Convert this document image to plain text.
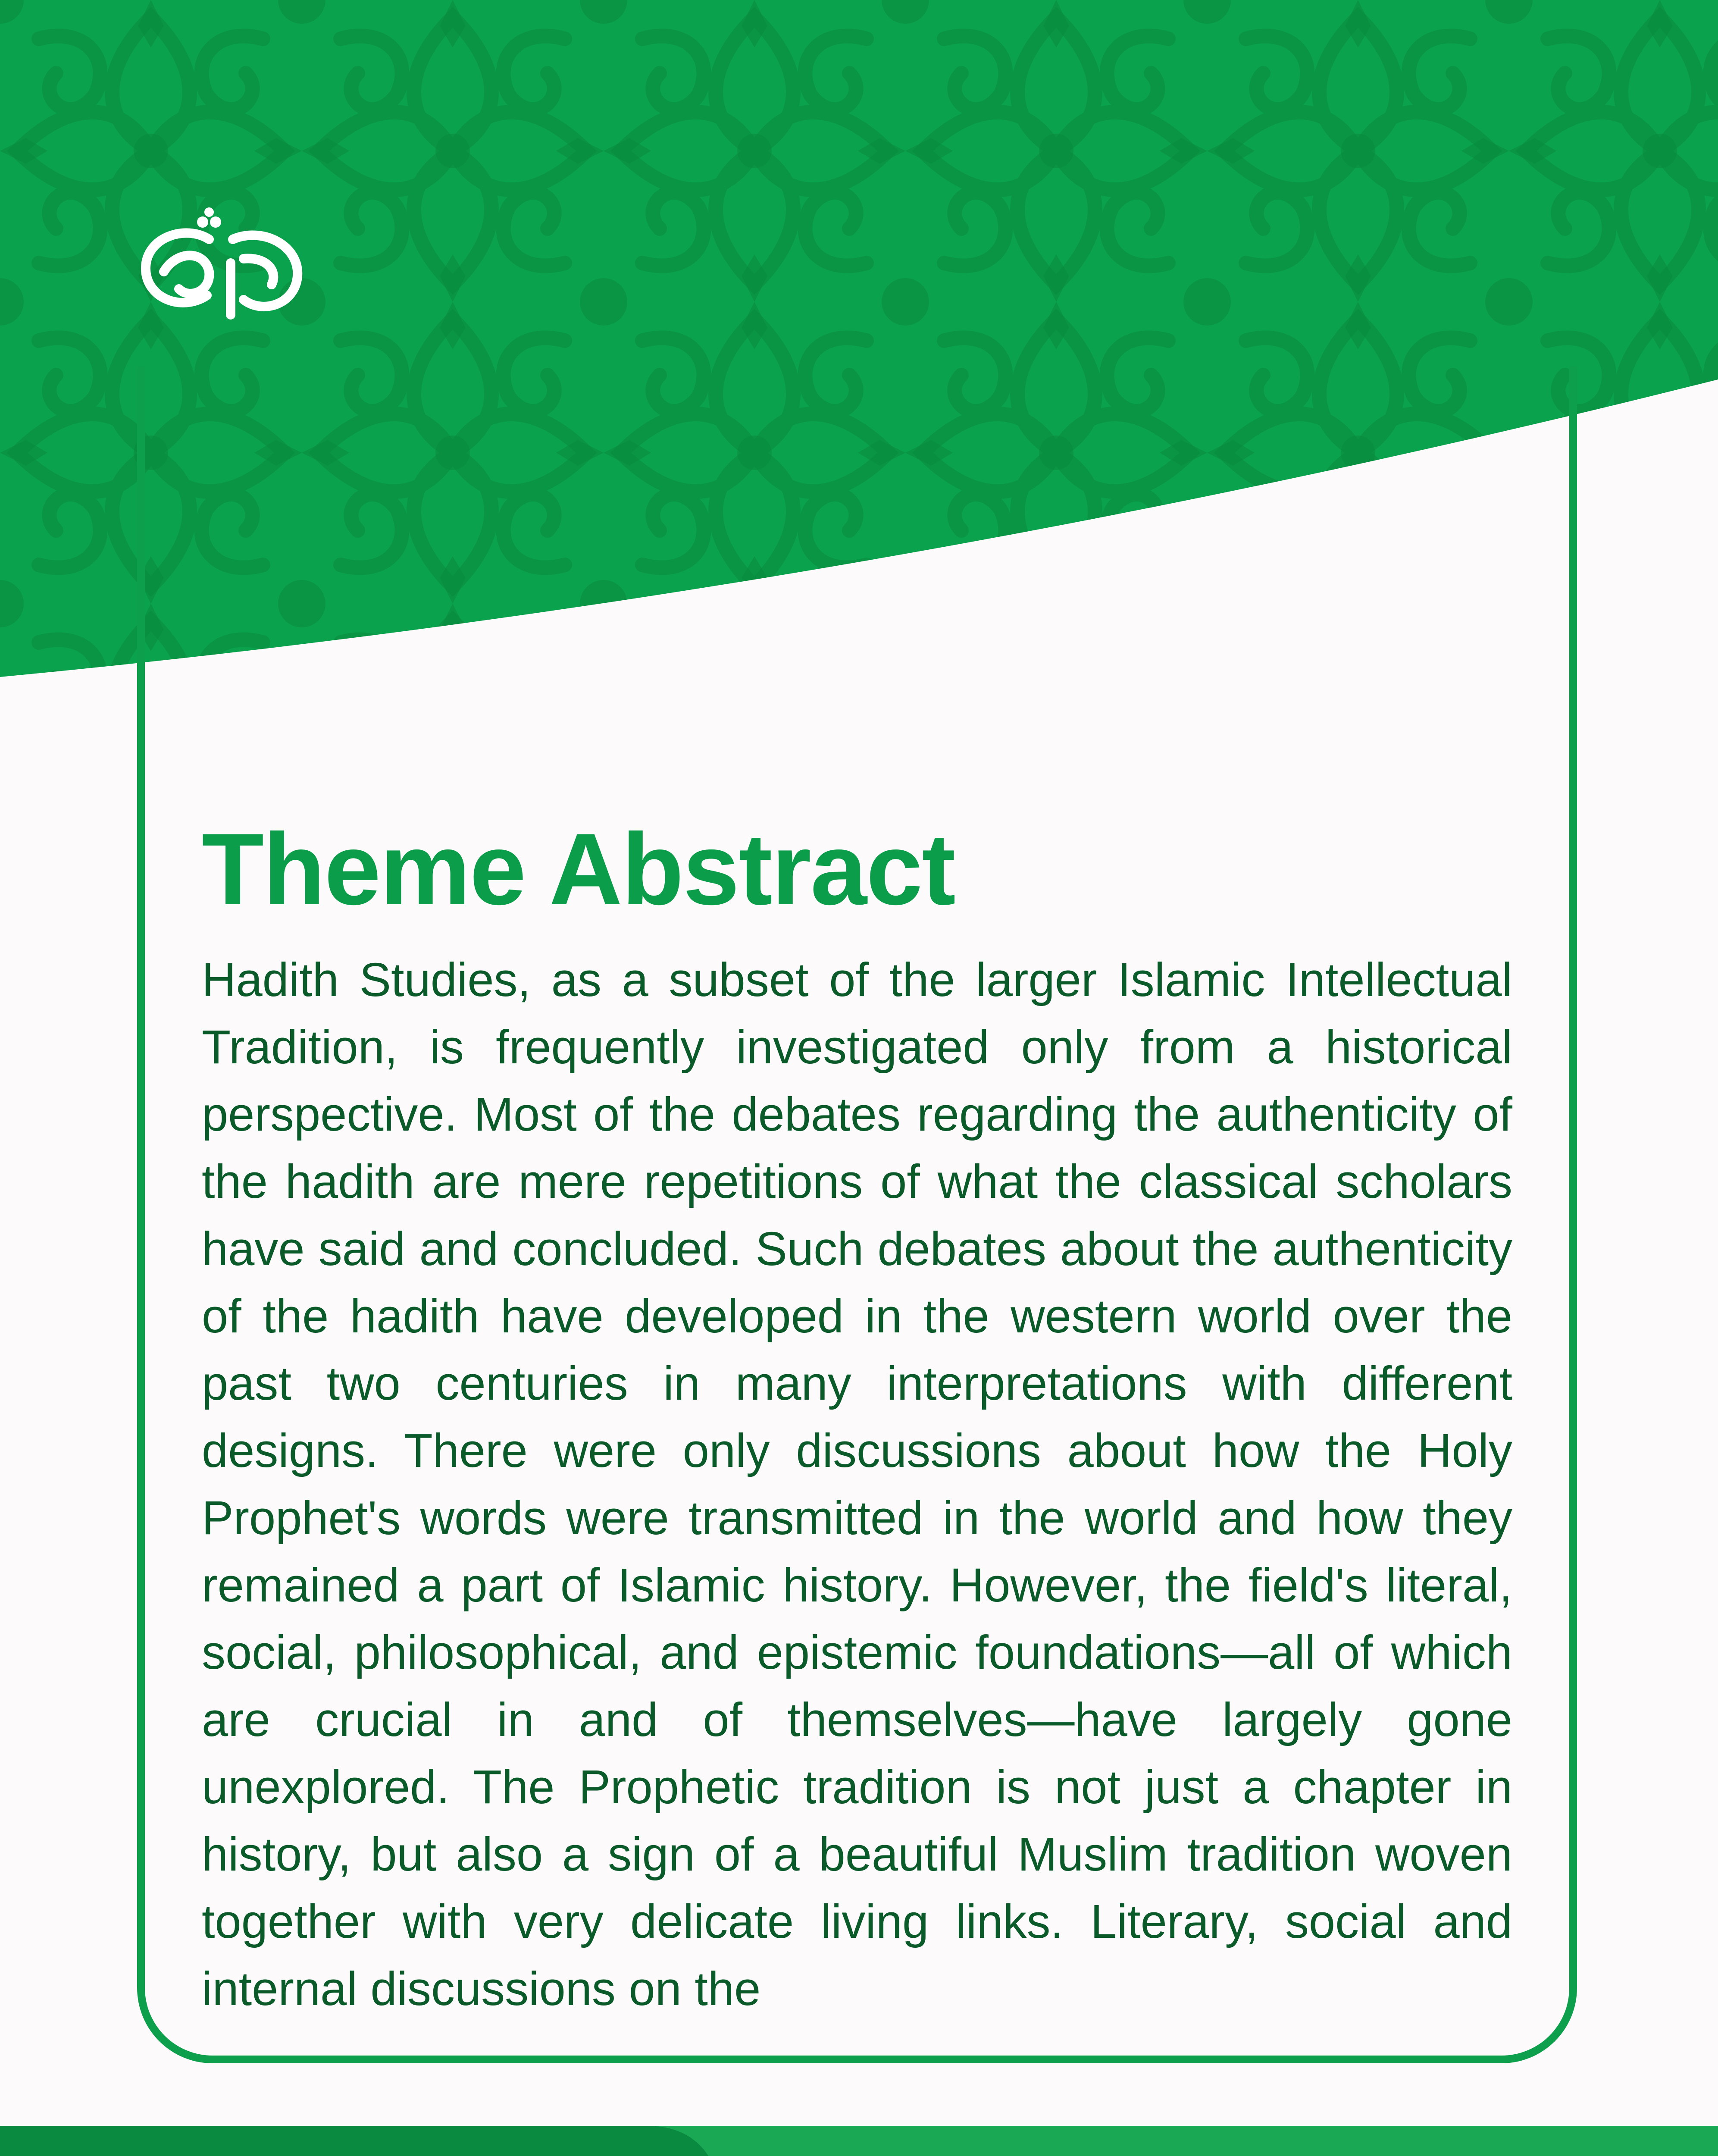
Theme Abstract

Hadith Studies, as a subset of the larger Islamic Intellectual Tradition, is frequently investigated only from a historical perspective. Most of the debates regarding the authenticity of the hadith are mere repetitions of what the classical scholars have said and concluded. Such debates about the authenticity of the hadith have developed in the western world over the past two centuries in many interpretations with different designs. There were only discussions about how the Holy Prophet's words were transmitted in the world and how they remained a part of Islamic history. However, the field's literal, social, philosophical, and epistemic foundations—all of which are crucial in and of themselves—have largely gone unexplored. The Prophetic tradition is not just a chapter in history, but also a sign of a beautiful Muslim tradition woven together with very delicate living links. Literary, social and internal discussions on the
